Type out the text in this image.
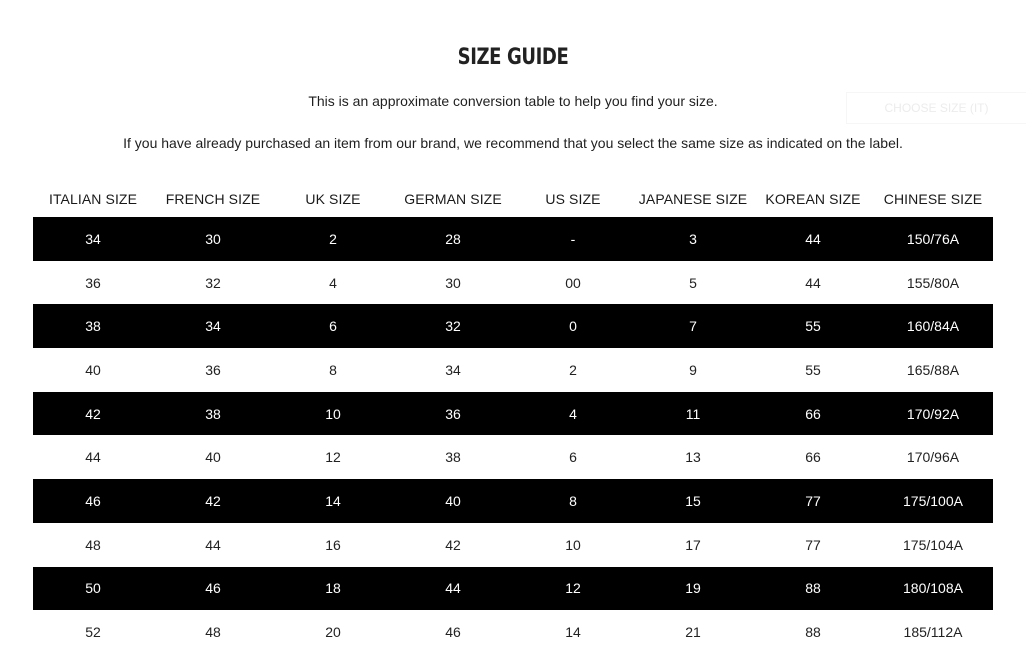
SIZE GUIDE
This is an approximate conversion table to help you find your size.
If you have already purchased an item from our brand, we recommend that you select the same size as indicated on the label.
CHOOSE SIZE (IT)
ITALIAN SIZE	FRENCH SIZE	UK SIZE	GERMAN SIZE	US SIZE	JAPANESE SIZE	KOREAN SIZE	CHINESE SIZE
34	30	2	28	-	3	44	150/76A
36	32	4	30	00	5	44	155/80A
38	34	6	32	0	7	55	160/84A
40	36	8	34	2	9	55	165/88A
42	38	10	36	4	11	66	170/92A
44	40	12	38	6	13	66	170/96A
46	42	14	40	8	15	77	175/100A
48	44	16	42	10	17	77	175/104A
50	46	18	44	12	19	88	180/108A
52	48	20	46	14	21	88	185/112A
